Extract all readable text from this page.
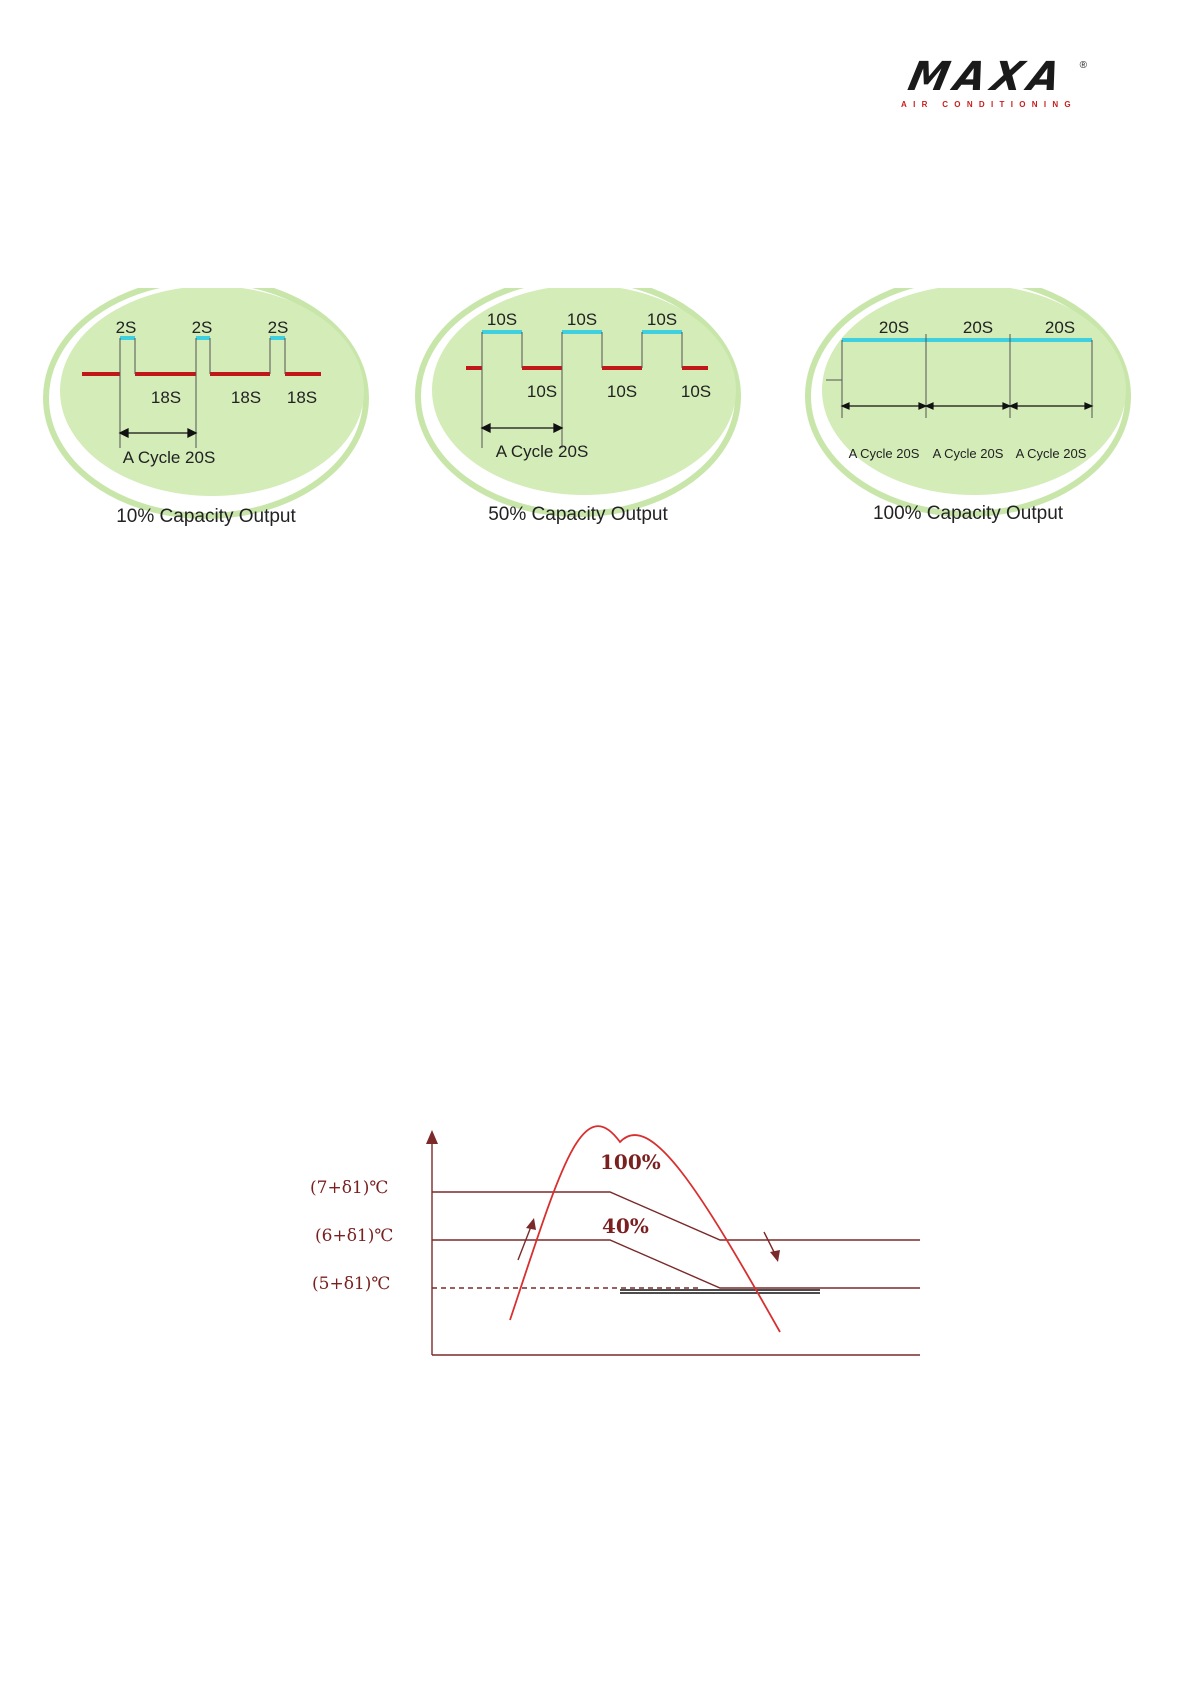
MAXA ®
AIR CONDITIONING
2S	2S	2S
18S	18S 18S
A Cycle 20S
10% Capacity Output
10S	10S	10S
10S	10S	10S
A Cycle 20S
50% Capacity Output
20S	20S	20S
A Cycle 20S A Cycle 20S A Cycle 20S
100% Capacity Output
(7+δ1)℃
(6+δ1)℃
(5+δ1)℃
100%
40%
